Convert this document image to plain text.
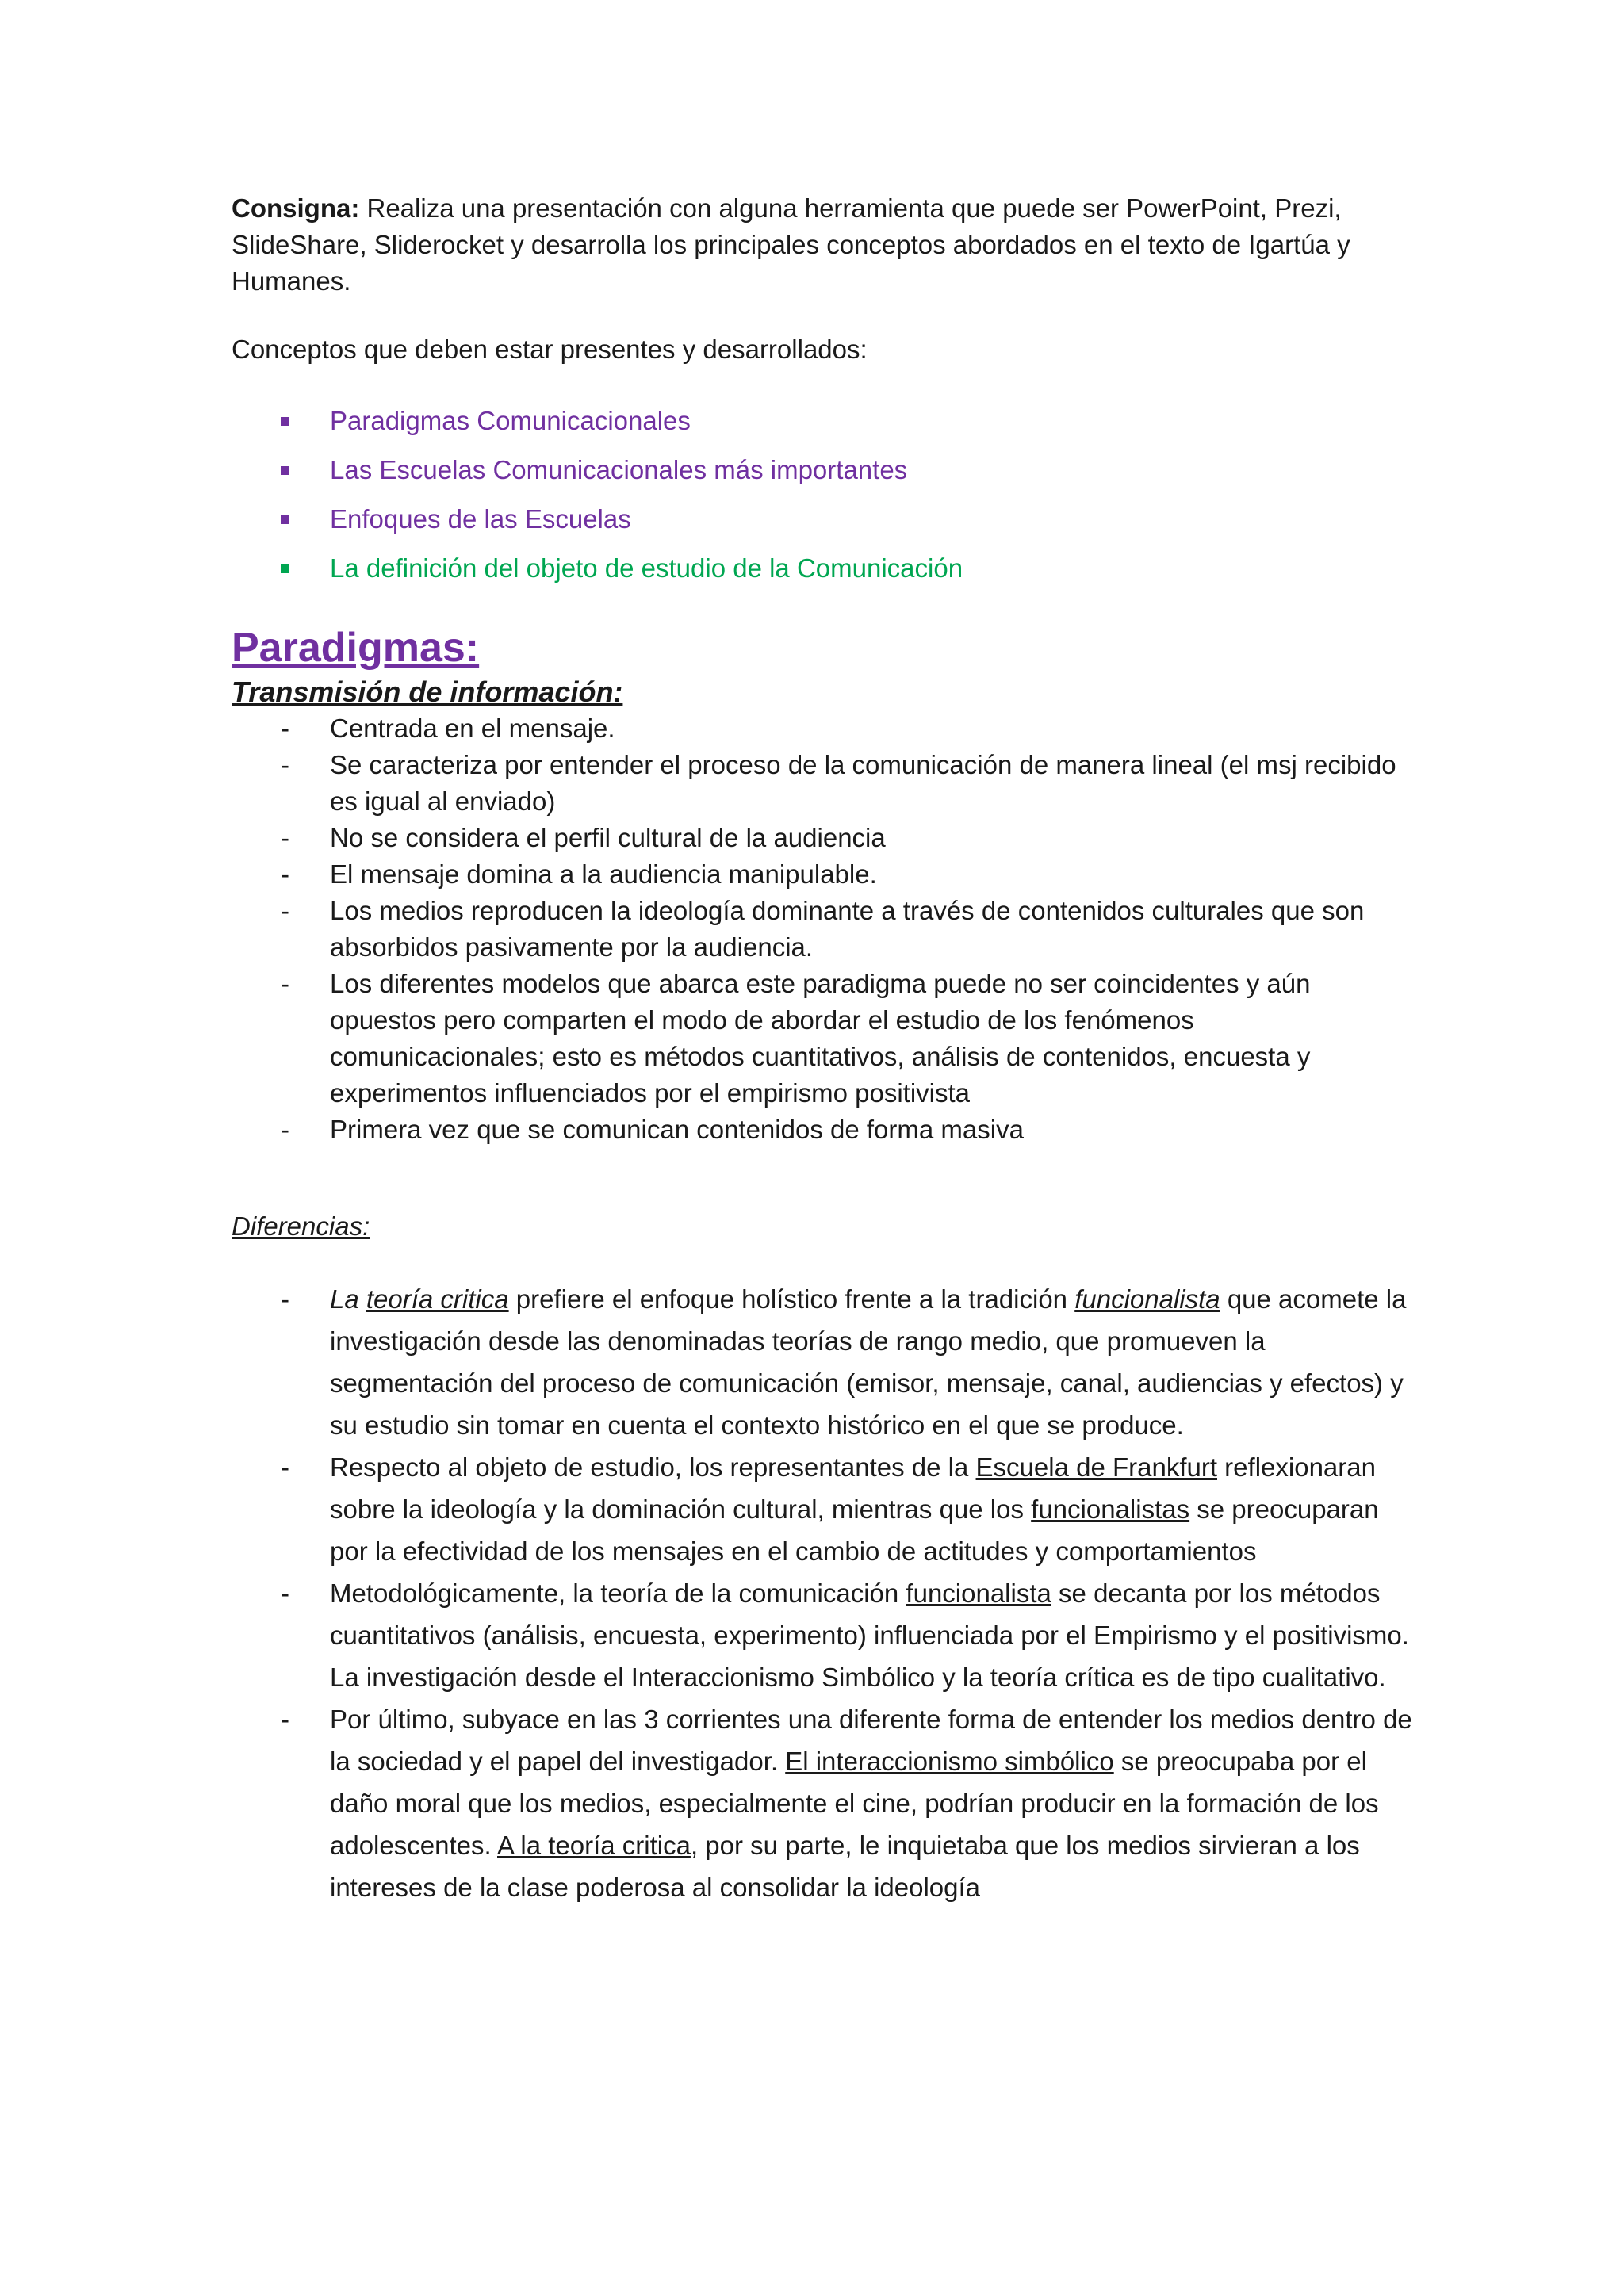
Consigna: Realiza una presentación con alguna herramienta que puede ser PowerPoint, Prezi, SlideShare, Sliderocket y desarrolla los principales conceptos abordados en el texto de Igartúa y Humanes.

Conceptos que deben estar presentes y desarrollados:

Paradigmas Comunicacionales
Las Escuelas Comunicacionales más importantes
Enfoques de las Escuelas
La definición del objeto de estudio de la Comunicación
Paradigmas:
Transmisión de información:
- Centrada en el mensaje.
- Se caracteriza por entender el proceso de la comunicación de manera lineal (el msj recibido es igual al enviado)
- No se considera el perfil cultural de la audiencia
- El mensaje domina a la audiencia manipulable.
- Los medios reproducen la ideología dominante a través de contenidos culturales que son absorbidos pasivamente por la audiencia.
- Los diferentes modelos que abarca este paradigma puede no ser coincidentes y aún opuestos pero comparten el modo de abordar el estudio de los fenómenos comunicacionales; esto es métodos cuantitativos, análisis de contenidos, encuesta y experimentos influenciados por el empirismo positivista
- Primera vez que se comunican contenidos de forma masiva

Diferencias:

- La teoría critica prefiere el enfoque holístico frente a la tradición funcionalista que acomete la investigación desde las denominadas teorías de rango medio, que promueven la segmentación del proceso de comunicación (emisor, mensaje, canal, audiencias y efectos) y su estudio sin tomar en cuenta el contexto histórico en el que se produce.
- Respecto al objeto de estudio, los representantes de la Escuela de Frankfurt reflexionaran sobre la ideología y la dominación cultural, mientras que los funcionalistas se preocuparan por la efectividad de los mensajes en el cambio de actitudes y comportamientos
- Metodológicamente, la teoría de la comunicación funcionalista se decanta por los métodos cuantitativos (análisis, encuesta, experimento) influenciada por el Empirismo y el positivismo. La investigación desde el Interaccionismo Simbólico y la teoría crítica es de tipo cualitativo.
- Por último, subyace en las 3 corrientes una diferente forma de entender los medios dentro de la sociedad y el papel del investigador. El interaccionismo simbólico se preocupaba por el daño moral que los medios, especialmente el cine, podrían producir en la formación de los adolescentes. A la teoría critica, por su parte, le inquietaba que los medios sirvieran a los intereses de la clase poderosa al consolidar la ideología
